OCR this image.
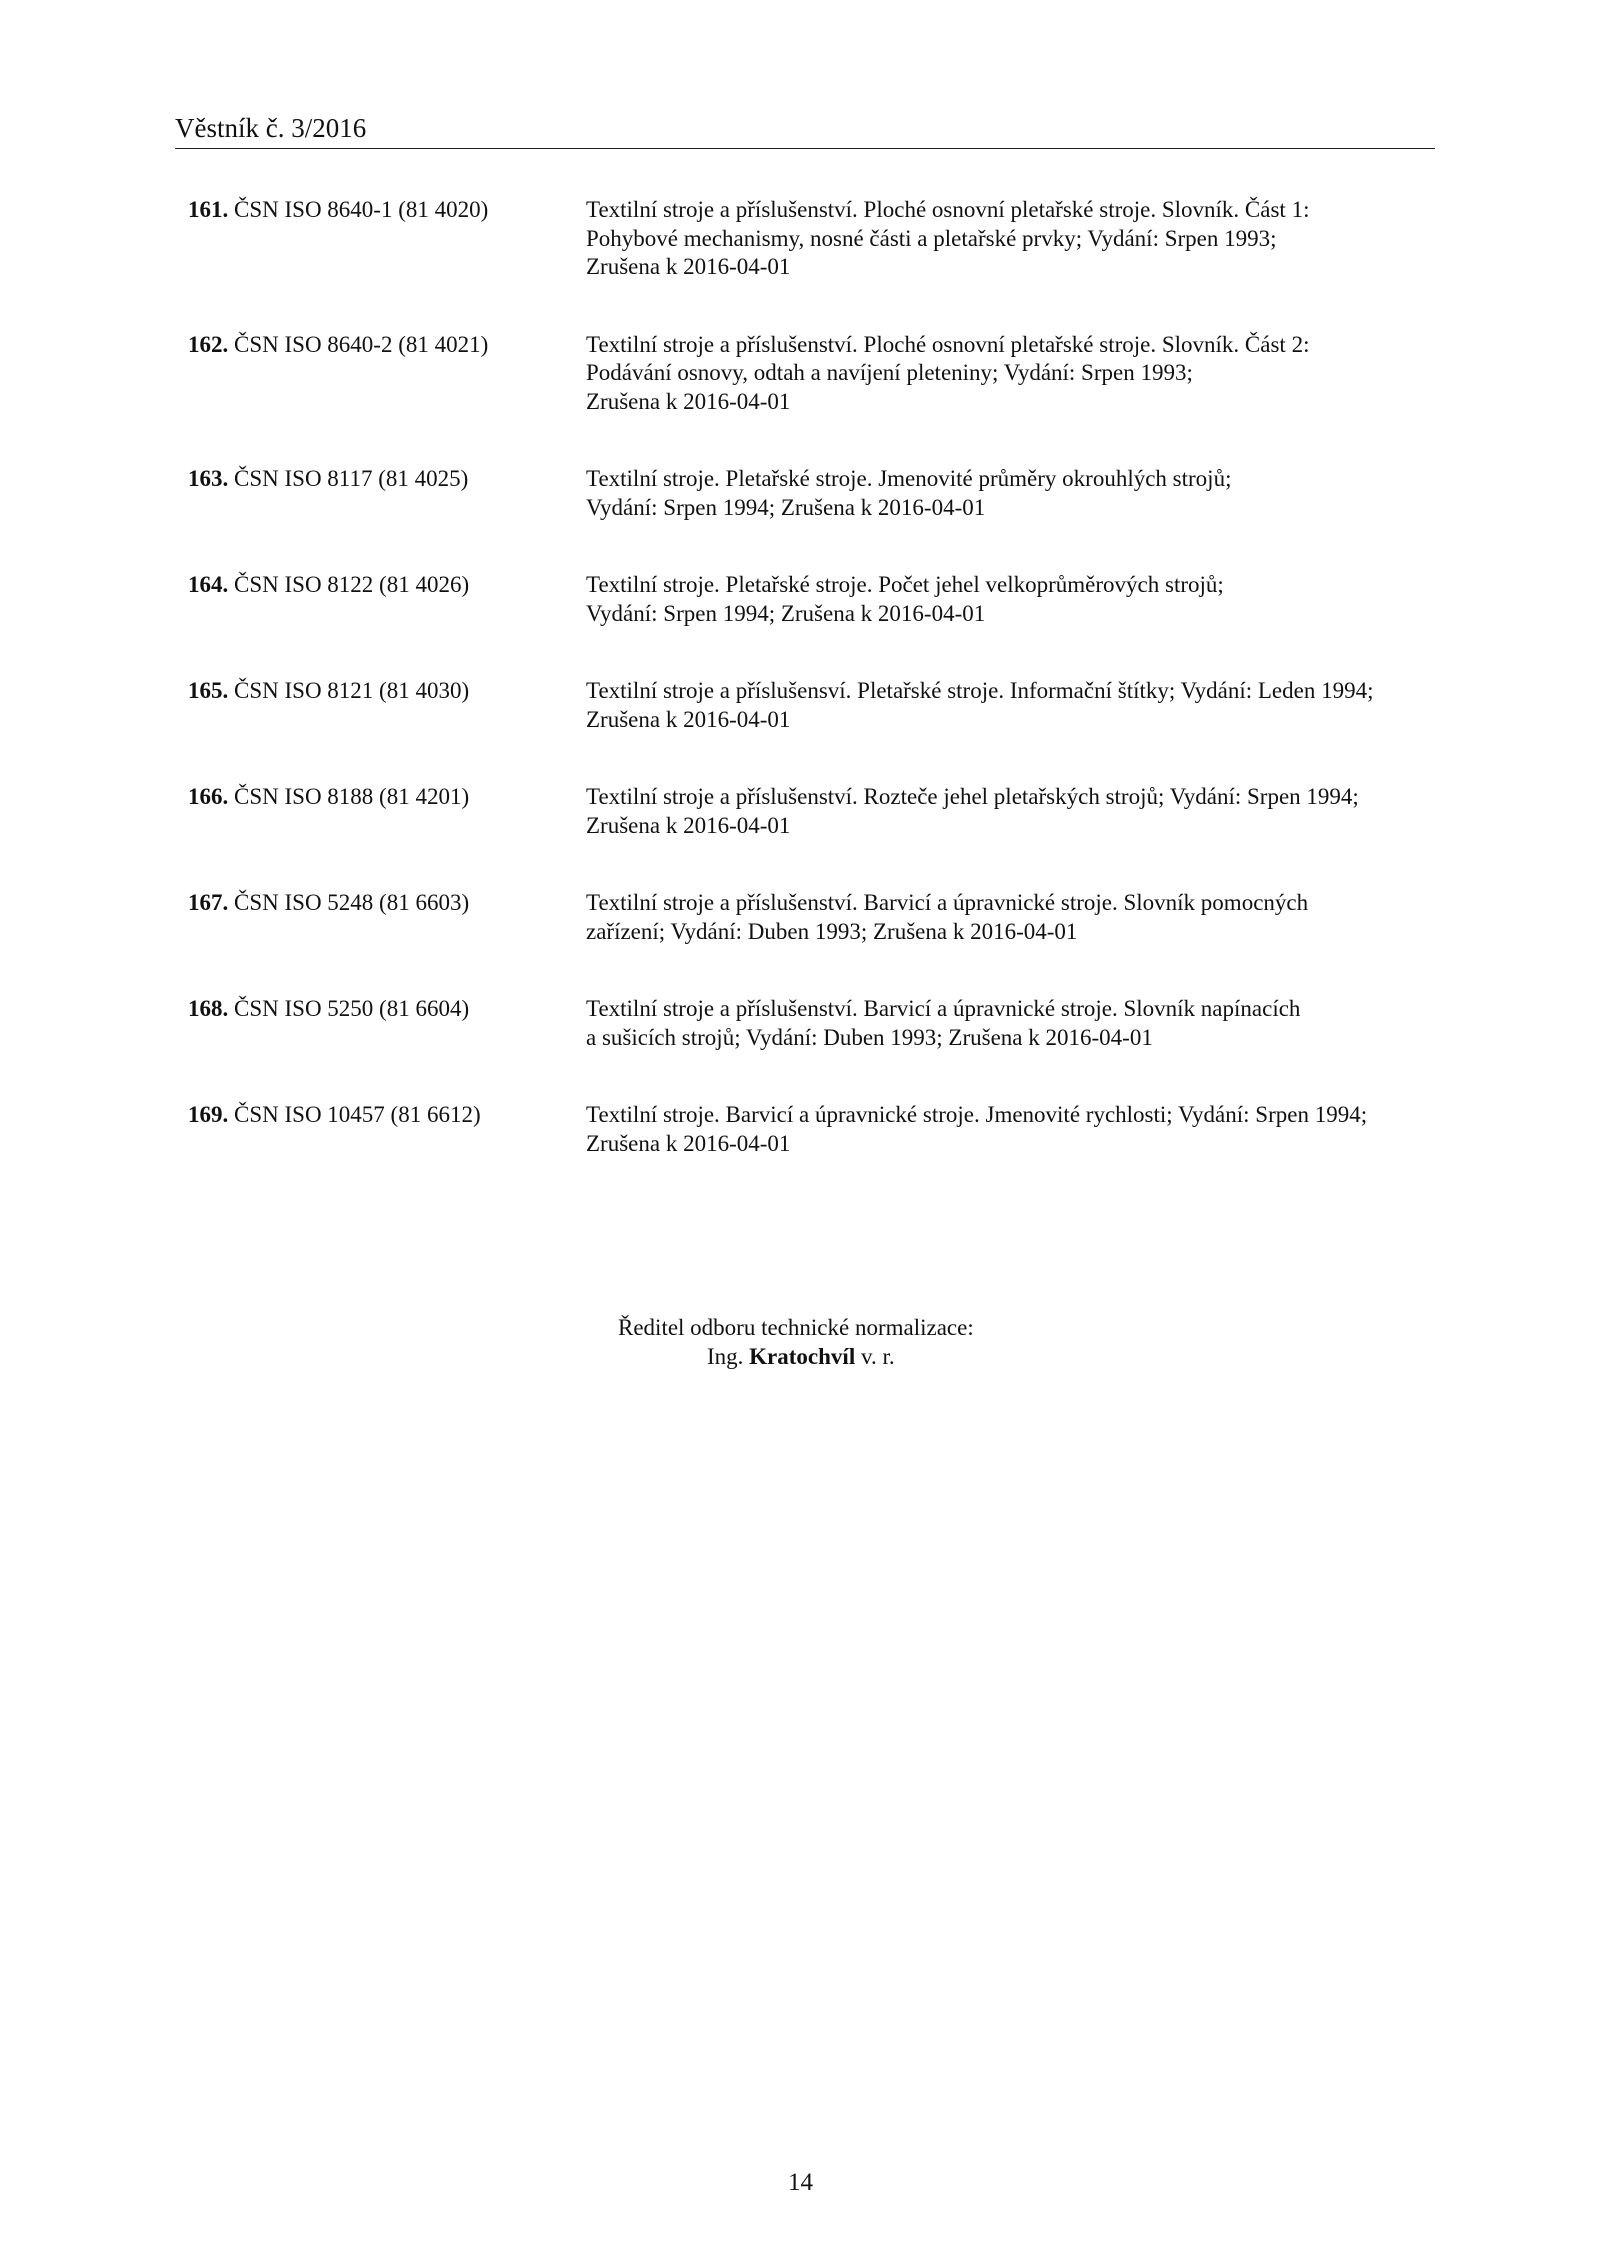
Věstník č. 3/2016
161. ČSN ISO 8640-1 (81 4020)	Textilní stroje a příslušenství. Ploché osnovní pletařské stroje. Slovník. Část 1:
Pohybové mechanismy, nosné části a pletařské prvky; Vydání: Srpen 1993;
Zrušena k 2016-04-01
162. ČSN ISO 8640-2 (81 4021)	Textilní stroje a příslušenství. Ploché osnovní pletařské stroje. Slovník. Část 2:
Podávání osnovy, odtah a navíjení pleteniny; Vydání: Srpen 1993;
Zrušena k 2016-04-01
163. ČSN ISO 8117 (81 4025)	Textilní stroje. Pletařské stroje. Jmenovité průměry okrouhlých strojů;
Vydání: Srpen 1994; Zrušena k 2016-04-01
164. ČSN ISO 8122 (81 4026)	Textilní stroje. Pletařské stroje. Počet jehel velkoprůměrových strojů;
Vydání: Srpen 1994; Zrušena k 2016-04-01
165. ČSN ISO 8121 (81 4030)	Textilní stroje a příslušensví. Pletařské stroje. Informační štítky; Vydání: Leden 1994;
Zrušena k 2016-04-01
166. ČSN ISO 8188 (81 4201)	Textilní stroje a příslušenství. Rozteče jehel pletařských strojů; Vydání: Srpen 1994;
Zrušena k 2016-04-01
167. ČSN ISO 5248 (81 6603)	Textilní stroje a příslušenství. Barvicí a úpravnické stroje. Slovník pomocných
zařízení; Vydání: Duben 1993; Zrušena k 2016-04-01
168. ČSN ISO 5250 (81 6604)	Textilní stroje a příslušenství. Barvicí a úpravnické stroje. Slovník napínacích
a sušicích strojů; Vydání: Duben 1993; Zrušena k 2016-04-01
169. ČSN ISO 10457 (81 6612)	Textilní stroje. Barvicí a úpravnické stroje. Jmenovité rychlosti; Vydání: Srpen 1994;
Zrušena k 2016-04-01
Ředitel odboru technické normalizace:
Ing. Kratochvíl v. r.
14
